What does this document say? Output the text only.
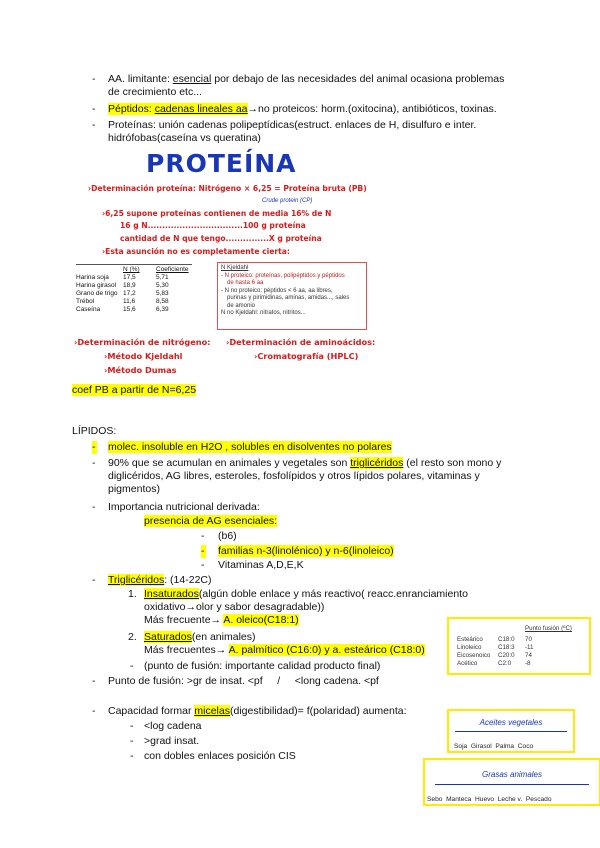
-	AA. limitante: esencial por debajo de las necesidades del animal ocasiona problemas
de crecimiento etc...
-	Péptidos: cadenas lineales aa→no proteicos: horm.(oxitocina), antibióticos, toxinas.
-	Proteínas: unión cadenas polipeptídicas(estruct. enlaces de H, disulfuro e inter.
hidrófobas(caseína vs queratina)
PROTEÍNA
›Determinación proteína: Nitrógeno × 6,25 = Proteína bruta (PB)
Crude protein (CP)
›6,25 supone proteínas contienen de media 16% de N
16 g N.................................100 g proteína
cantidad de N que tengo...............X g proteína
›Esta asunción no es completamente cierta:
	N (%)	Coeficiente
Harina soja	17,5	5,71
Harina girasol	18,9	5,30
Grano de trigo	17,2	5,83
Trébol	11,6	8,58
Caseína	15,6	6,39
N Kjeldahl
- N proteico: proteínas, polipéptidos y péptidos
de hasta 6 aa
- N no proteico: péptidos < 6 aa, aa libres,
purinas y pirimidinas, aminas, amidas..., sales
de amonio
N no Kjeldahl: nitratos, nitritos...
›Determinación de nitrógeno: ›Determinación de aminoácidos:
›Método Kjeldahl	›Cromatografía (HPLC)
›Método Dumas
coef PB a partir de N=6,25
LÍPIDOS:
- molec. insoluble en H2O , solubles en disolventes no polares
-	90% que se acumulan en animales y vegetales son triglicéridos (el resto son mono y
diglicéridos, AG libres, esteroles, fosfolípidos y otros lípidos polares, vitaminas y
pigmentos)
-	Importancia nutricional derivada:
presencia de AG esenciales:
-	(b6)
- familias n-3(linolénico) y n-6(linoleico)
-	Vitaminas A,D,E,K
-	Triglicéridos: (14-22C)
1. Insaturados(algún doble enlace y más reactivo( reacc.enranciamiento
oxidativo→olor y sabor desagradable))
Más frecuente→ A. oleico(C18:1)
2. Saturados(en animales)
Más frecuentes→ A. palmítico (C16:0) y a. esteárico (C18:0)
-	(punto de fusión: importante calidad producto final)
-	Punto de fusión: >gr de insat. <pf     /     <long cadena. <pf
-	Capacidad formar micelas(digestibilidad)= f(polaridad) aumenta:
-	<log cadena
-	>grad insat.
-	con dobles enlaces posición CIS
Punto fusión (ºC)
Esteárico	C18:0	70
Linoleico	C18:3	-11
Eicosenoico	C20:0	74
Acético	C2:0	-8
Aceites vegetales
Soja  Girasol  Palma  Coco
Grasas animales
Sebo  Manteca  Huevo  Leche v.  Pescado
